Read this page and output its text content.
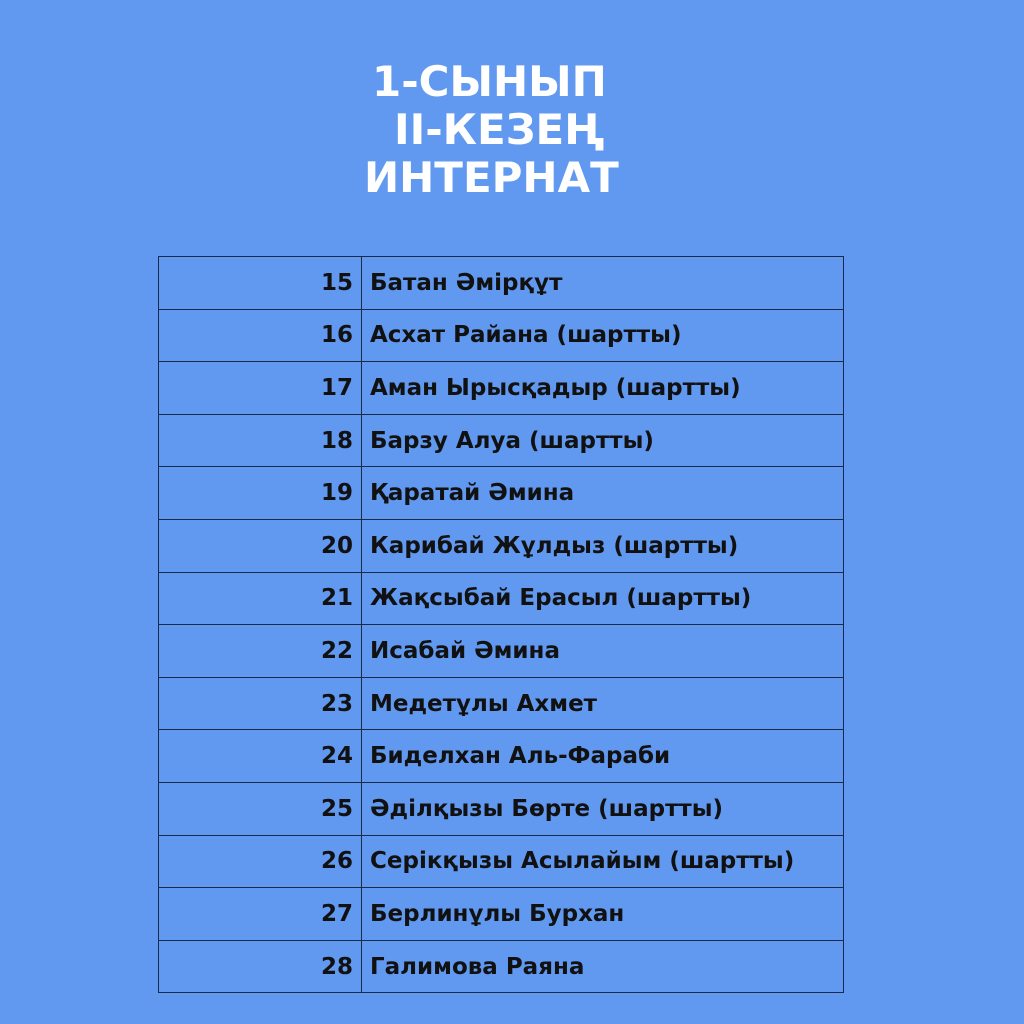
1-СЫНЫП
II-КЕЗЕҢ
ИНТЕРНАТ
15	Батан Әмірқұт
16	Асхат Райана (шартты)
17	Аман Ырысқадыр (шартты)
18	Барзу Алуа (шартты)
19	Қаратай Әмина
20	Карибай Жұлдыз (шартты)
21	Жақсыбай Ерасыл (шартты)
22	Исабай Әмина
23	Медетұлы Ахмет
24	Биделхан Аль-Фараби
25	Әділқызы Бөрте (шартты)
26	Серікқызы Асылайым (шартты)
27	Берлинұлы Бурхан
28	Галимова Раяна
